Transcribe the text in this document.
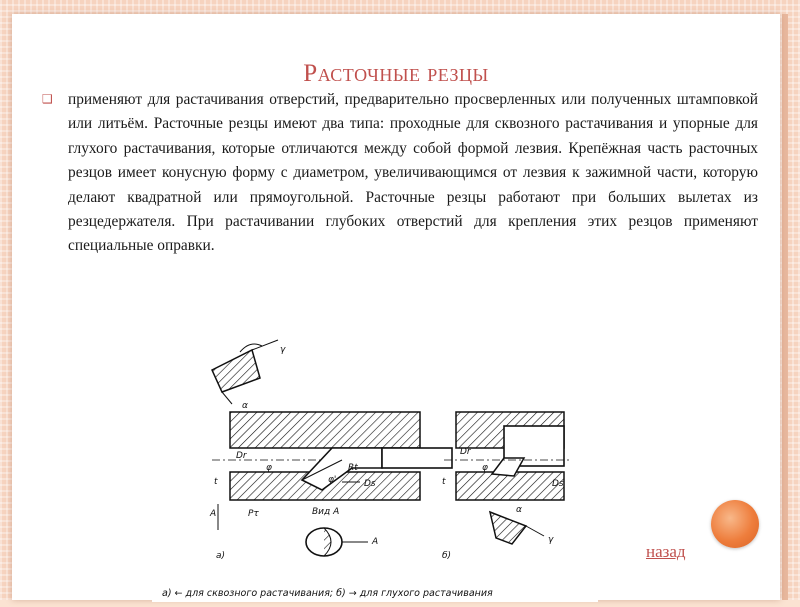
Расточные резцы
❑ применяют для растачивания отверстий, предварительно просверленных или полученных штамповкой или литьём. Расточные резцы имеют два типа: проходные для сквозного растачивания и упорные для глухого растачивания, которые отличаются между собой формой лезвия. Крепёжная часть расточных резцов имеет конусную форму с диаметром, увеличивающимся от лезвия к зажимной части, которую делают квадратной или прямоугольной. Расточные резцы работают при больших вылетах из резцедержателя. При растачивании глубоких отверстий для крепления этих резцов применяют специальные оправки.
γ
α
Dr
φ
φ'
Rt
Ds
t
A	Pτ	Вид А
А
а)
Dr
φ
Ds
t
α
γ
б)
а) ← для сквозного растачивания; б) → для глухого растачивания
назад
